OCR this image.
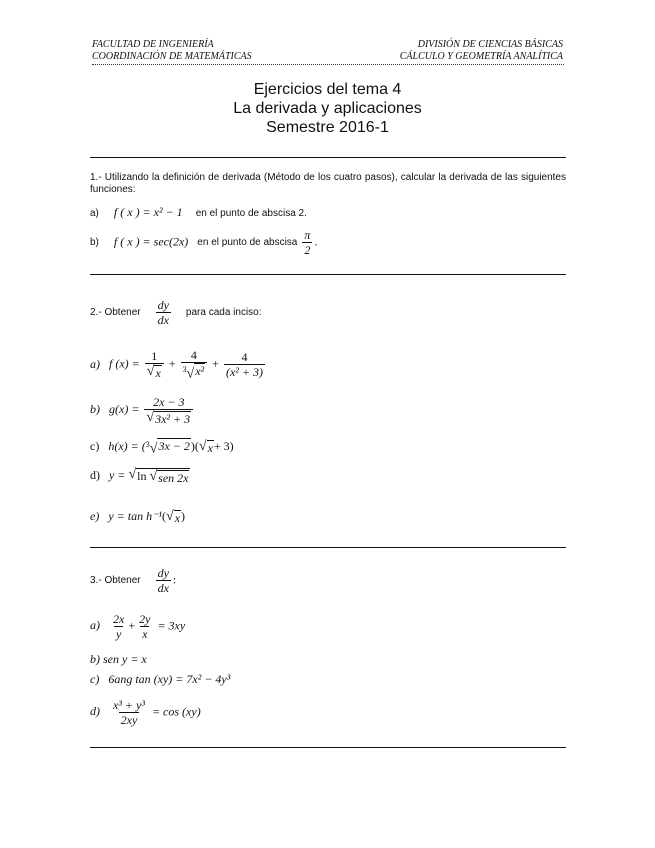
FACULTAD DE INGENIERÍA
COORDINACIÓN DE MATEMÁTICAS
DIVISIÓN DE CIENCIAS BÁSICAS
CÁLCULO Y GEOMETRÍA ANALÍTICA
Ejercicios del tema 4
La derivada y aplicaciones
Semestre 2016-1
1.- Utilizando la definición de derivada (Método de los cuatro pasos), calcular la derivada de las siguientes funciones:
a) f ( x ) = x² − 1 en el punto de abscisa 2.
b) f ( x ) = sec(2x) en el punto de abscisa $\frac{\pi}{2}$ .
2.- Obtener $\frac{dy}{dx}$ para cada inciso:
a) f $(x) = \frac{1}{√ x} + \frac{4}{^3√ x^2} + \frac{4}{\text{(x² + 3)}}$
b) $g(x) = \frac{2x - 3}{\text{√ 3x² + 3}}$
c) h(x) = ( $^3$√ 3x − 2 )( √ x + 3)
d) y = √ ln √ sen 2x
e) y = tan h⁻¹( √ x )
3.- Obtener $\frac{dy}{dx}$ :
$a) \frac{2x}{y} + \frac{2y}{x} = 3xy$
b) sen y = x
c) 6ang tan (xy) = 7x² − 4y³
$d) \frac{\text{x³ + y³}}{2xy} = \cos (xy)$
